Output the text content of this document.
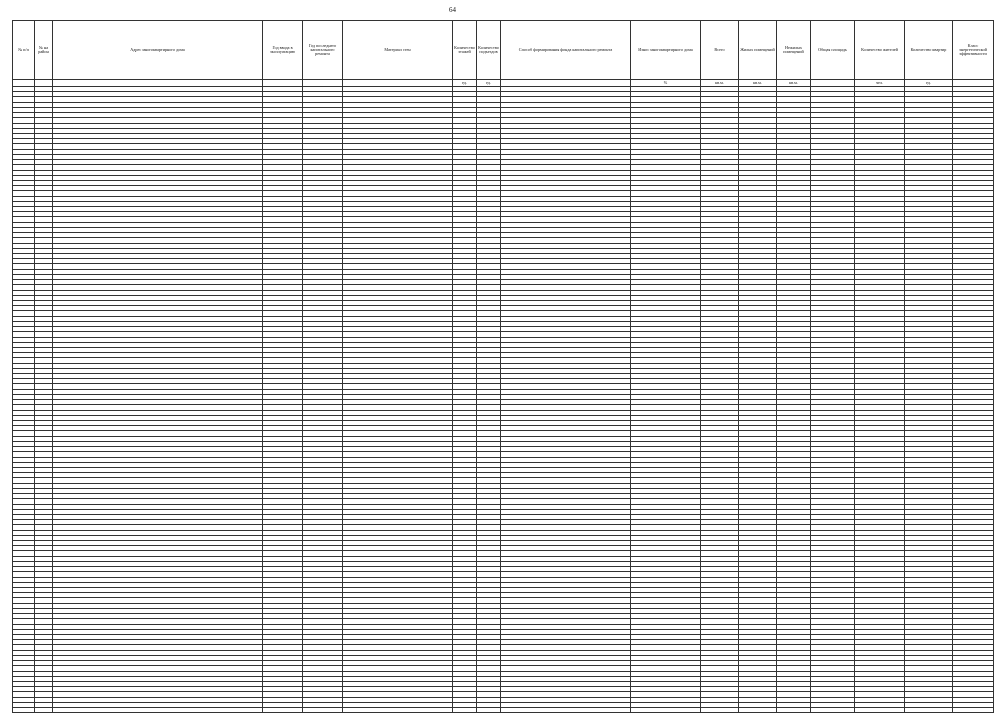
64
№ п/п	№ на район	Адрес многоквартирного дома	Год ввода в эксплуатацию	Год последнего капитального ремонта	Материал стен	Количество этажей	Количество подъездов	Способ формирования фонда капитального ремонта	Износ многоквартирного дома	Всего	Жилых помещений	Нежилых помещений	Общая площадь	Количество жителей	Количество квартир	Класс энергетической эффективности
						ед.	ед.		%	кв.м.	кв.м.	кв.м.		чел.	ед.	
